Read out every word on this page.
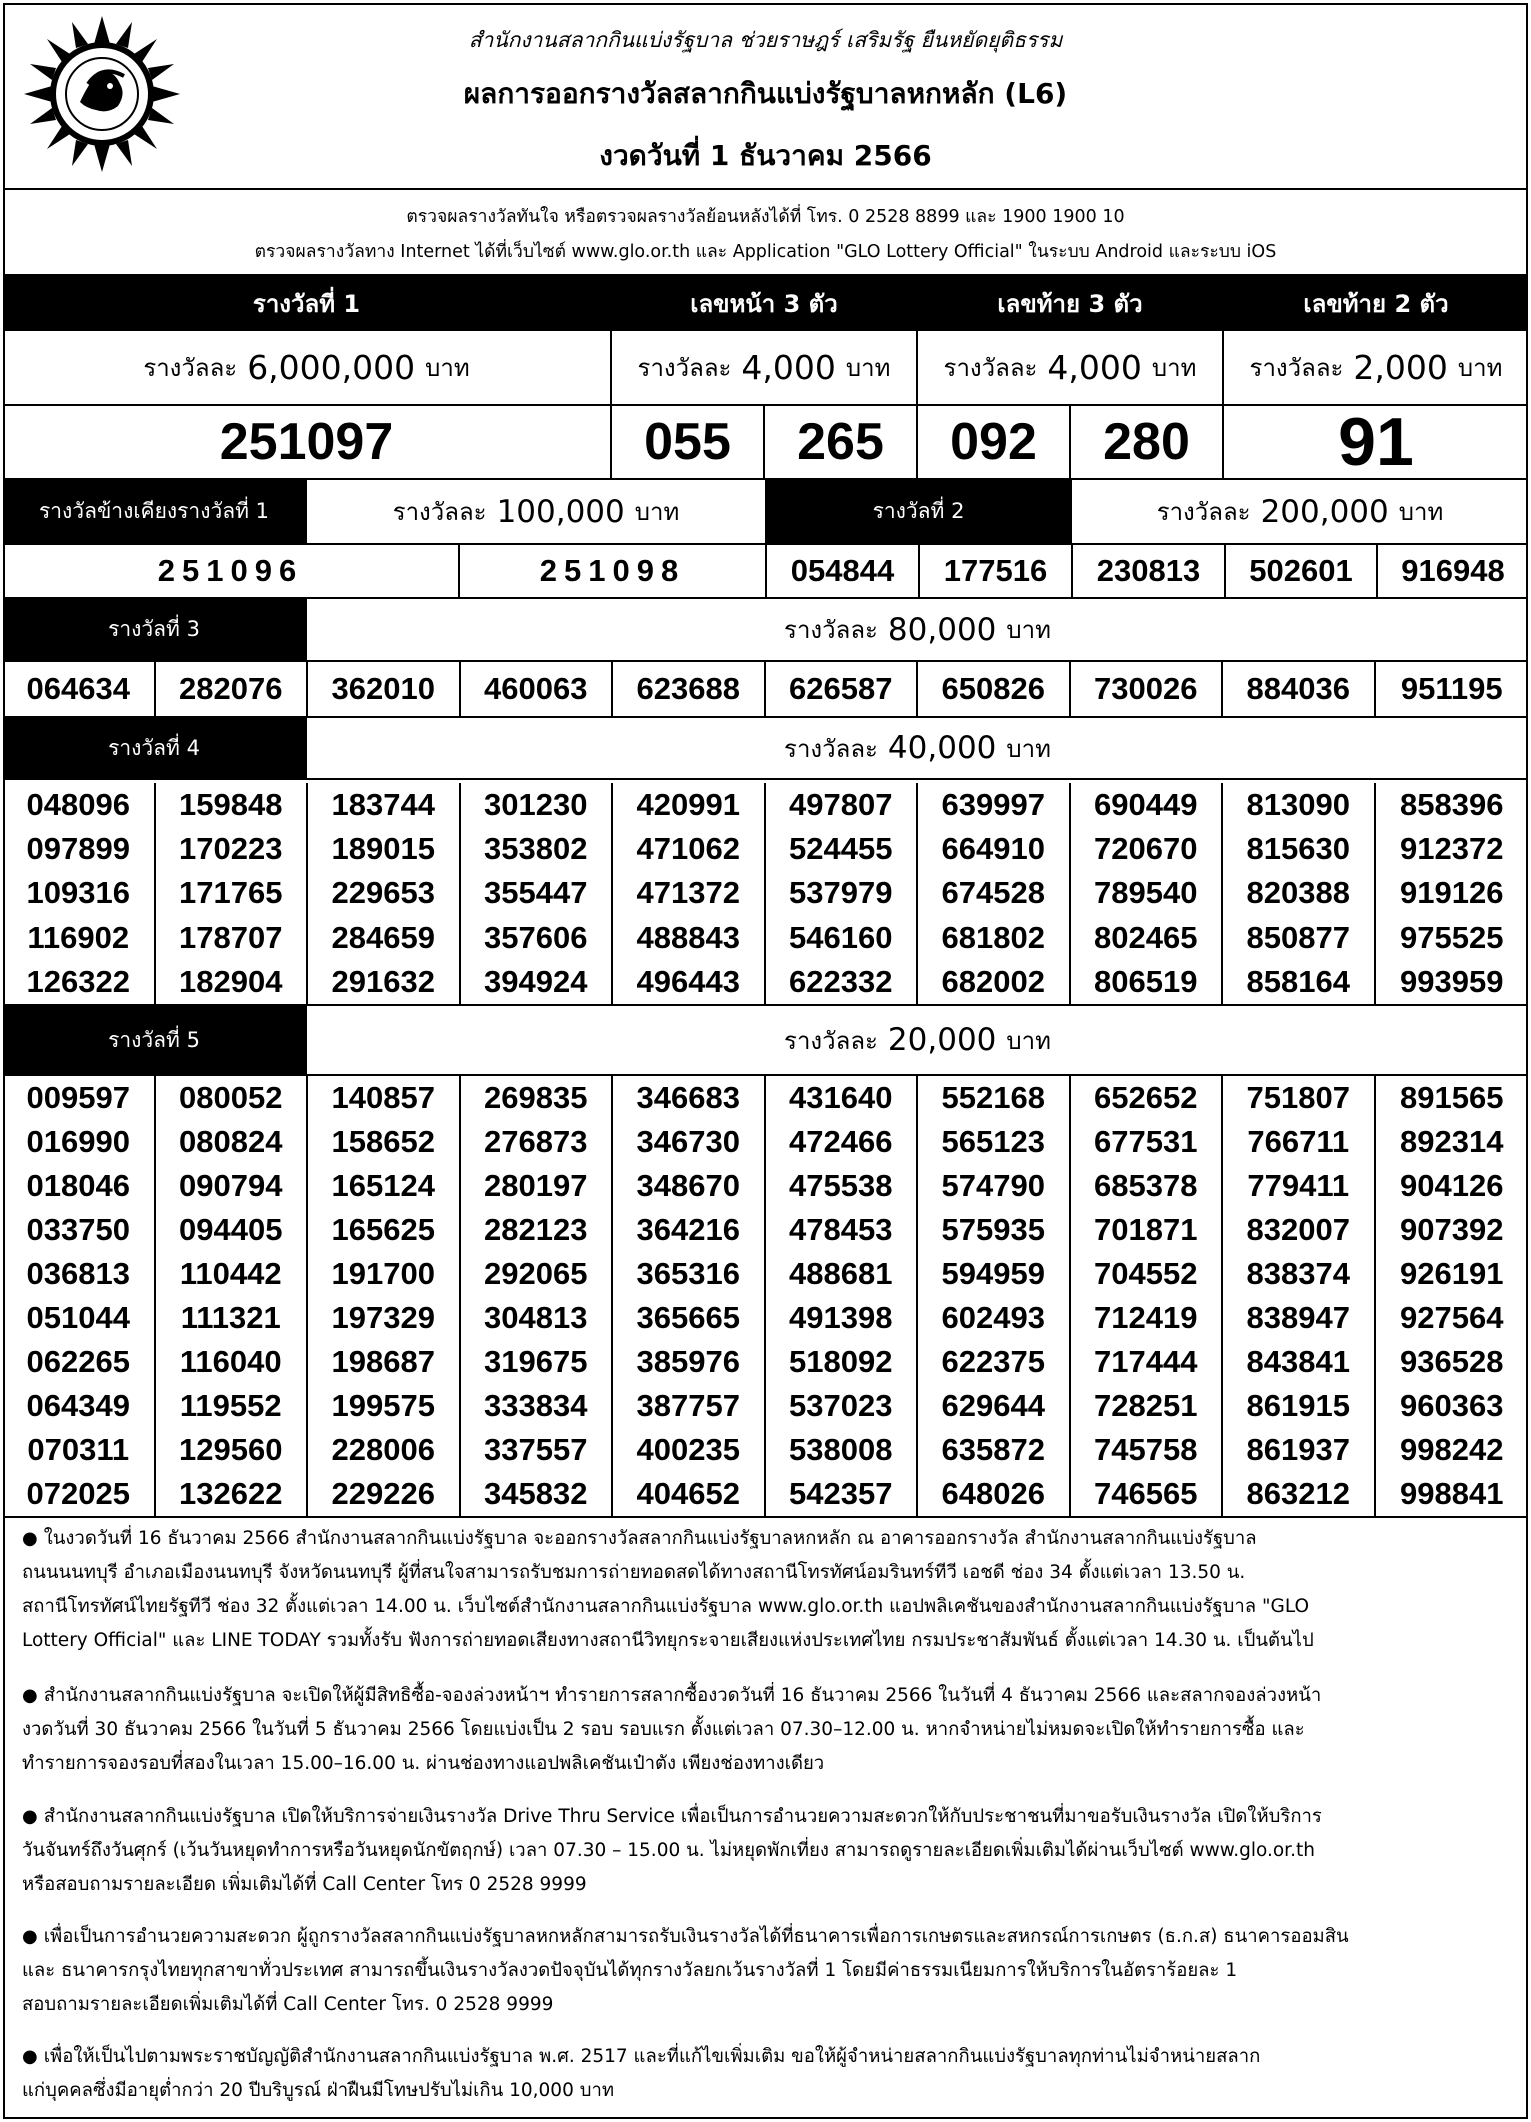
สำนักงานสลากกินแบ่งรัฐบาล ช่วยราษฎร์ เสริมรัฐ ยืนหยัดยุติธรรม
ผลการออกรางวัลสลากกินแบ่งรัฐบาลหกหลัก (L6)
งวดวันที่ 1 ธันวาคม 2566
ตรวจผลรางวัลทันใจ หรือตรวจผลรางวัลย้อนหลังได้ที่ โทร. 0 2528 8899 และ 1900 1900 10
ตรวจผลรางวัลทาง Internet ได้ที่เว็บไซต์ www.glo.or.th และ Application "GLO Lottery Official" ในระบบ Android และระบบ iOS
รางวัลที่ 1	เลขหน้า 3 ตัว	เลขท้าย 3 ตัว	เลขท้าย 2 ตัว
รางวัลละ 6,000,000 บาท	รางวัลละ 4,000 บาท รางวัลละ 4,000 บาท รางวัลละ 2,000 บาท
251097	055	265	092	280	91
รางวัลข้างเคียงรางวัลที่ 1	รางวัลละ 100,000 บาท	รางวัลที่ 2	รางวัลละ 200,000 บาท
251096	251098	054844	177516	230813	502601	916948
รางวัลที่ 3	รางวัลละ 80,000 บาท
064634	282076	362010	460063	623688	626587	650826	730026	884036	951195
รางวัลที่ 4	รางวัลละ 40,000 บาท
048096	159848	183744	301230	420991	497807	639997	690449	813090	858396
097899	170223	189015	353802	471062	524455	664910	720670	815630	912372
109316	171765	229653	355447	471372	537979	674528	789540	820388	919126
116902	178707	284659	357606	488843	546160	681802	802465	850877	975525
126322	182904	291632	394924	496443	622332	682002	806519	858164	993959
รางวัลที่ 5	รางวัลละ 20,000 บาท
009597	080052	140857	269835	346683	431640	552168	652652	751807	891565
016990	080824	158652	276873	346730	472466	565123	677531	766711	892314
018046	090794	165124	280197	348670	475538	574790	685378	779411	904126
033750	094405	165625	282123	364216	478453	575935	701871	832007	907392
036813	110442	191700	292065	365316	488681	594959	704552	838374	926191
051044	111321	197329	304813	365665	491398	602493	712419	838947	927564
062265	116040	198687	319675	385976	518092	622375	717444	843841	936528
064349	119552	199575	333834	387757	537023	629644	728251	861915	960363
070311	129560	228006	337557	400235	538008	635872	745758	861937	998242
072025	132622	229226	345832	404652	542357	648026	746565	863212	998841
● ในงวดวันที่ 16 ธันวาคม 2566 สำนักงานสลากกินแบ่งรัฐบาล จะออกรางวัลสลากกินแบ่งรัฐบาลหกหลัก ณ อาคารออกรางวัล สำนักงานสลากกินแบ่งรัฐบาล
ถนนนนทบุรี อำเภอเมืองนนทบุรี จังหวัดนนทบุรี ผู้ที่สนใจสามารถรับชมการถ่ายทอดสดได้ทางสถานีโทรทัศน์อมรินทร์ทีวี เอชดี ช่อง 34 ตั้งแต่เวลา 13.50 น.
สถานีโทรทัศน์ไทยรัฐทีวี ช่อง 32 ตั้งแต่เวลา 14.00 น. เว็บไซต์สำนักงานสลากกินแบ่งรัฐบาล www.glo.or.th แอปพลิเคชันของสำนักงานสลากกินแบ่งรัฐบาล "GLO
Lottery Official" และ LINE TODAY รวมทั้งรับ ฟังการถ่ายทอดเสียงทางสถานีวิทยุกระจายเสียงแห่งประเทศไทย กรมประชาสัมพันธ์ ตั้งแต่เวลา 14.30 น. เป็นต้นไป
● สำนักงานสลากกินแบ่งรัฐบาล จะเปิดให้ผู้มีสิทธิซื้อ-จองล่วงหน้าฯ ทำรายการสลากซื้องวดวันที่ 16 ธันวาคม 2566 ในวันที่ 4 ธันวาคม 2566 และสลากจองล่วงหน้า
งวดวันที่ 30 ธันวาคม 2566 ในวันที่ 5 ธันวาคม 2566 โดยแบ่งเป็น 2 รอบ รอบแรก ตั้งแต่เวลา 07.30–12.00 น. หากจำหน่ายไม่หมดจะเปิดให้ทำรายการซื้อ และ
ทำรายการจองรอบที่สองในเวลา 15.00–16.00 น. ผ่านช่องทางแอปพลิเคชันเป๋าตัง เพียงช่องทางเดียว
● สำนักงานสลากกินแบ่งรัฐบาล เปิดให้บริการจ่ายเงินรางวัล Drive Thru Service เพื่อเป็นการอำนวยความสะดวกให้กับประชาชนที่มาขอรับเงินรางวัล เปิดให้บริการ
วันจันทร์ถึงวันศุกร์ (เว้นวันหยุดทำการหรือวันหยุดนักขัตฤกษ์) เวลา 07.30 – 15.00 น. ไม่หยุดพักเที่ยง สามารถดูรายละเอียดเพิ่มเติมได้ผ่านเว็บไซต์ www.glo.or.th
หรือสอบถามรายละเอียด เพิ่มเติมได้ที่ Call Center โทร 0 2528 9999
● เพื่อเป็นการอำนวยความสะดวก ผู้ถูกรางวัลสลากกินแบ่งรัฐบาลหกหลักสามารถรับเงินรางวัลได้ที่ธนาคารเพื่อการเกษตรและสหกรณ์การเกษตร (ธ.ก.ส) ธนาคารออมสิน
และ ธนาคารกรุงไทยทุกสาขาทั่วประเทศ สามารถขึ้นเงินรางวัลงวดปัจจุบันได้ทุกรางวัลยกเว้นรางวัลที่ 1 โดยมีค่าธรรมเนียมการให้บริการในอัตราร้อยละ 1
สอบถามรายละเอียดเพิ่มเติมได้ที่ Call Center โทร. 0 2528 9999
● เพื่อให้เป็นไปตามพระราชบัญญัติสำนักงานสลากกินแบ่งรัฐบาล พ.ศ. 2517 และที่แก้ไขเพิ่มเติม ขอให้ผู้จำหน่ายสลากกินแบ่งรัฐบาลทุกท่านไม่จำหน่ายสลาก
แก่บุคคลซึ่งมีอายุต่ำกว่า 20 ปีบริบูรณ์ ฝ่าฝืนมีโทษปรับไม่เกิน 10,000 บาท
